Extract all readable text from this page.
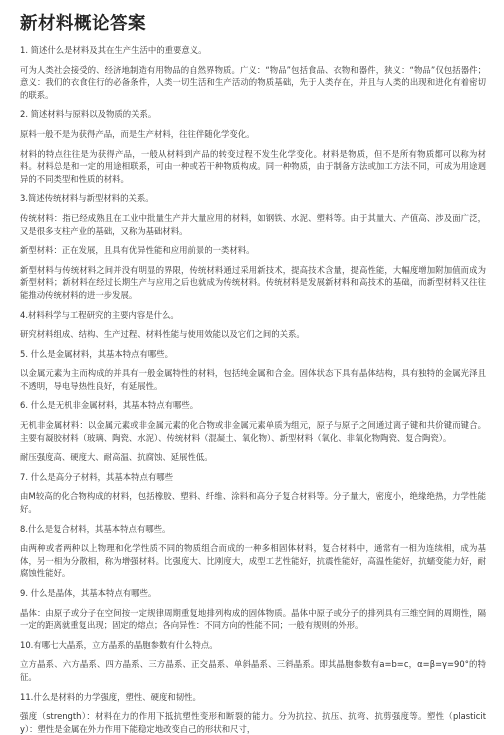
新材料概论答案

1. 简述什么是材料及其在生产生活中的重要意义。

可为人类社会接受的、经济地制造有用物品的自然界物质。广义：“物品”包括食品、衣物和器件，狭义：“物品”仅包括器件；意义：我们的衣食住行的必备条件，人类一切生活和生产活动的物质基础，先于人类存在，并且与人类的出现和进化有着密切的联系。

2. 简述材料与原料以及物质的关系。

原料一般不是为获得产品，而是生产材料，往往伴随化学变化。

材料的特点往往是为获得产品，一般从材料到产品的转变过程不发生化学变化。材料是物质，但不是所有物质都可以称为材料。材料总是和一定的用途相联系，可由一种或若干种物质构成。同一种物质，由于制备方法或加工方法不同，可成为用途迥异的不同类型和性质的材料。

3.简述传统材料与新型材料的关系。

传统材料：指已经成熟且在工业中批量生产并大量应用的材料，如钢铁、水泥、塑料等。由于其量大、产值高、涉及面广泛，又是很多支柱产业的基础，又称为基础材料。

新型材料：正在发展，且具有优异性能和应用前景的一类材料。

新型材料与传统材料之间并没有明显的界限，传统材料通过采用新技术，提高技术含量，提高性能，大幅度增加附加值而成为新型材料；新材料在经过长期生产与应用之后也就成为传统材料。传统材料是发展新材料和高技术的基础，而新型材料又往往能推动传统材料的进一步发展。

4.材料科学与工程研究的主要内容是什么。

研究材料组成、结构、生产过程、材料性能与使用效能以及它们之间的关系。

5. 什么是金属材料，其基本特点有哪些。

以金属元素为主而构成的并具有一般金属特性的材料，包括纯金属和合金。固体状态下具有晶体结构，具有独特的金属光泽且不透明，导电导热性良好，有延展性。

6. 什么是无机非金属材料，其基本特点有哪些。

无机非金属材料：以金属元素或非金属元素的化合物或非金属元素单质为组元，原子与原子之间通过离子键和共价键而键合。主要有凝胶材料（玻璃、陶瓷、水泥）、传统材料（混凝土、氧化物）、新型材料（氧化、非氧化物陶瓷、复合陶瓷）。

耐压强度高、硬度大、耐高温、抗腐蚀、延展性低。

7. 什么是高分子材料，其基本特点有哪些

由M较高的化合物构成的材料，包括橡胶、塑料、纤维、涂料和高分子复合材料等。分子量大，密度小，绝缘绝热，力学性能好。

8.什么是复合材料，其基本特点有哪些。

由两种或者两种以上物理和化学性质不同的物质组合而成的一种多相固体材料，复合材料中，通常有一相为连续相，成为基体，另一相为分散相，称为增强材料。比强度大、比刚度大，成型工艺性能好，抗震性能好，高温性能好，抗蠕变能力好，耐腐蚀性能好。

9. 什么是晶体，其基本特点有哪些。

晶体：由原子或分子在空间按一定规律周期重复地排列构成的固体物质。晶体中原子或分子的排列具有三维空间的周期性，隔一定的距离就重复出现；固定的熔点；各向异性：不同方向的性能不同；一般有规则的外形。

10.有哪七大晶系，立方晶系的晶胞参数有什么特点。

立方晶系、六方晶系、四方晶系、三方晶系、正交晶系、单斜晶系、三斜晶系。即其晶胞参数有a=b=c，α=β=γ=90°的特征。

11.什么是材料的力学强度，塑性、硬度和韧性。

强度（strength）：材料在力的作用下抵抗塑性变形和断裂的能力。分为抗拉、抗压、抗弯、抗剪强度等。塑性（plasticity）：塑性是金属在外力作用下能稳定地改变自己的形状和尺寸，
